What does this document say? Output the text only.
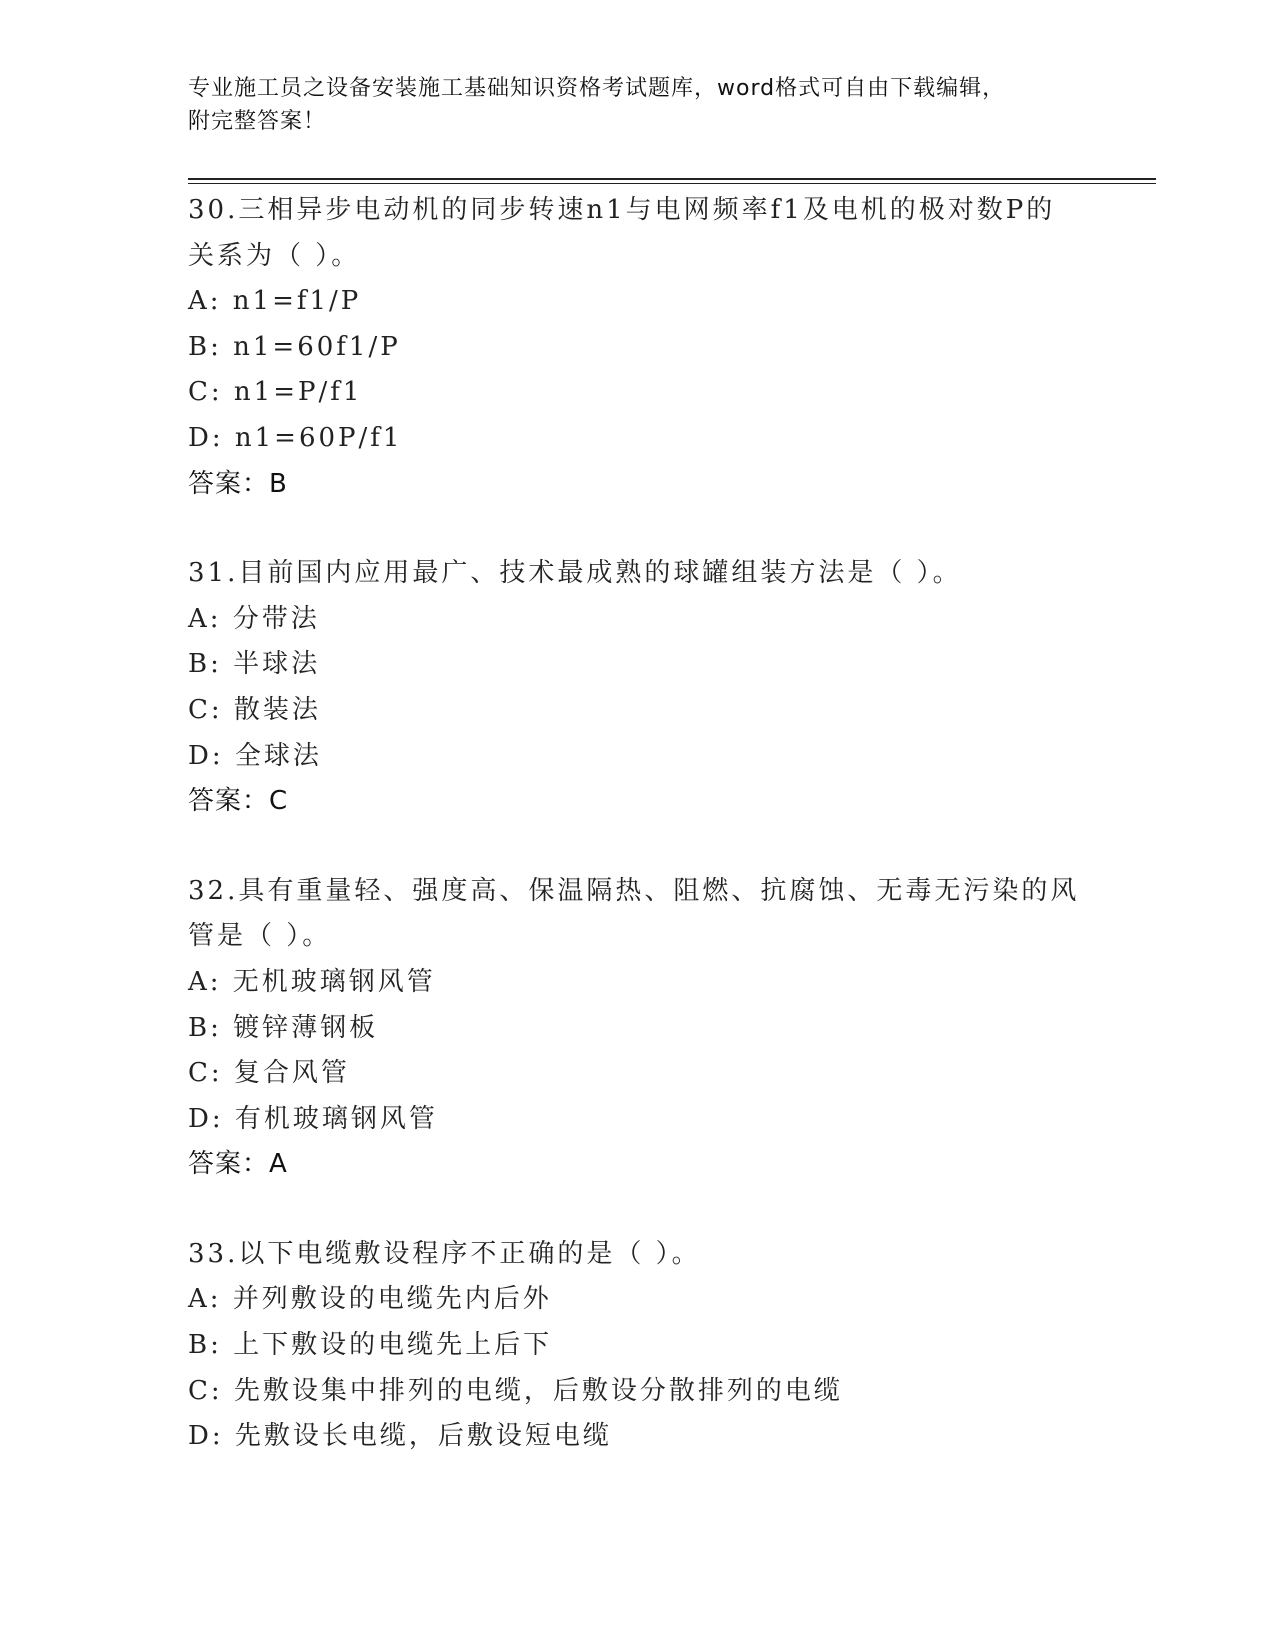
专业施工员之设备安装施工基础知识资格考试题库，word格式可自由下载编辑，
附完整答案！
30.三相异步电动机的同步转速n1与电网频率f1及电机的极对数P的
关系为（ ）。
A: n1=f1/P
B: n1=60f1/P
C: n1=P/f1
D: n1=60P/f1
答案：B
31.目前国内应用最广、技术最成熟的球罐组装方法是（ ）。
A: 分带法
B: 半球法
C: 散装法
D: 全球法
答案：C
32.具有重量轻、强度高、保温隔热、阻燃、抗腐蚀、无毒无污染的风
管是（ ）。
A: 无机玻璃钢风管
B: 镀锌薄钢板
C: 复合风管
D: 有机玻璃钢风管
答案：A
33.以下电缆敷设程序不正确的是（ ）。
A: 并列敷设的电缆先内后外
B: 上下敷设的电缆先上后下
C: 先敷设集中排列的电缆，后敷设分散排列的电缆
D: 先敷设长电缆，后敷设短电缆
